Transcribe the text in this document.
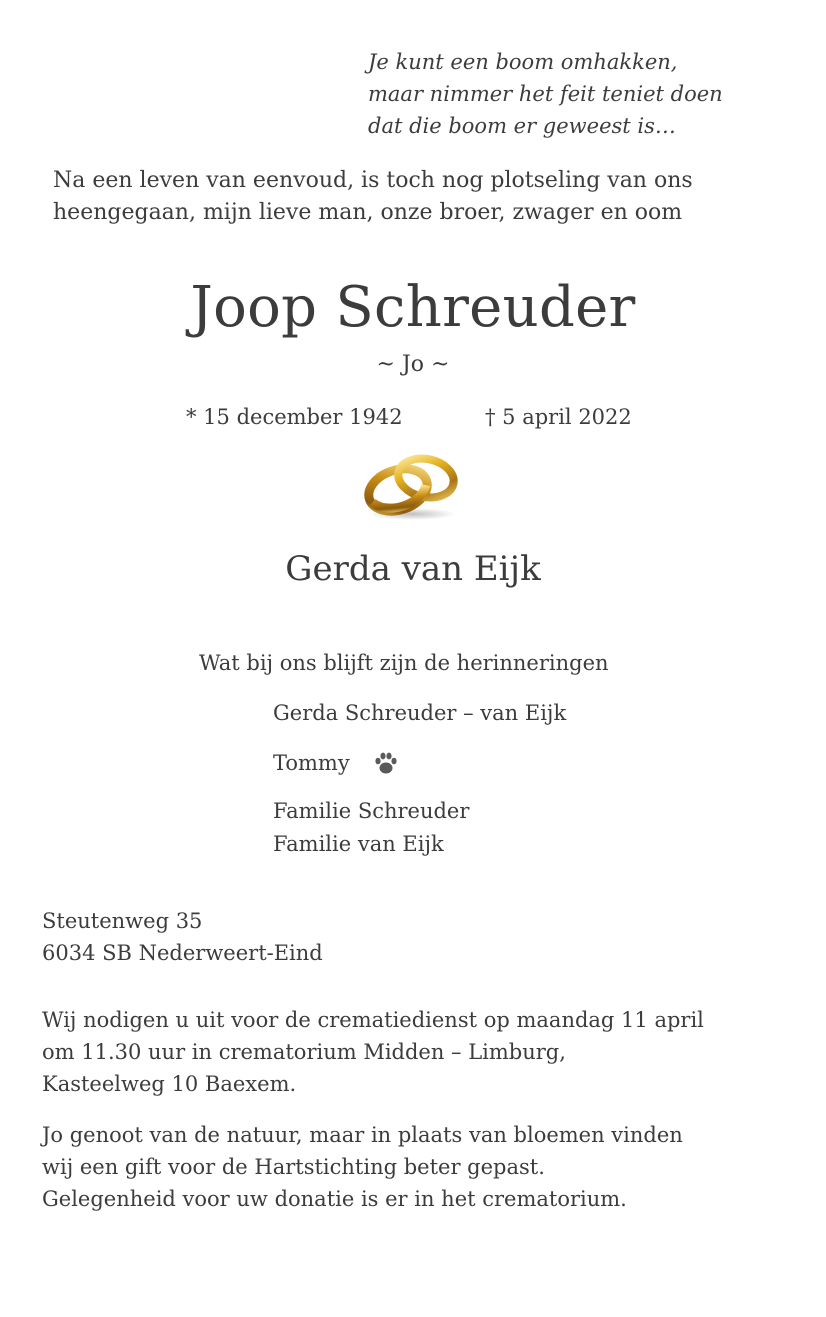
Je kunt een boom omhakken,
maar nimmer het feit teniet doen
dat die boom er geweest is…
Na een leven van eenvoud, is toch nog plotseling van ons
heengegaan, mijn lieve man, onze broer, zwager en oom
Joop Schreuder
~ Jo ~
* 15 december 1942	† 5 april 2022
Gerda van Eijk
Wat bij ons blijft zijn de herinneringen
Gerda Schreuder – van Eijk
Tommy
Familie Schreuder
Familie van Eijk
Steutenweg 35
6034 SB Nederweert-Eind
Wij nodigen u uit voor de crematiedienst op maandag 11 april
om 11.30 uur in crematorium Midden – Limburg,
Kasteelweg 10 Baexem.
Jo genoot van de natuur, maar in plaats van bloemen vinden
wij een gift voor de Hartstichting beter gepast.
Gelegenheid voor uw donatie is er in het crematorium.
